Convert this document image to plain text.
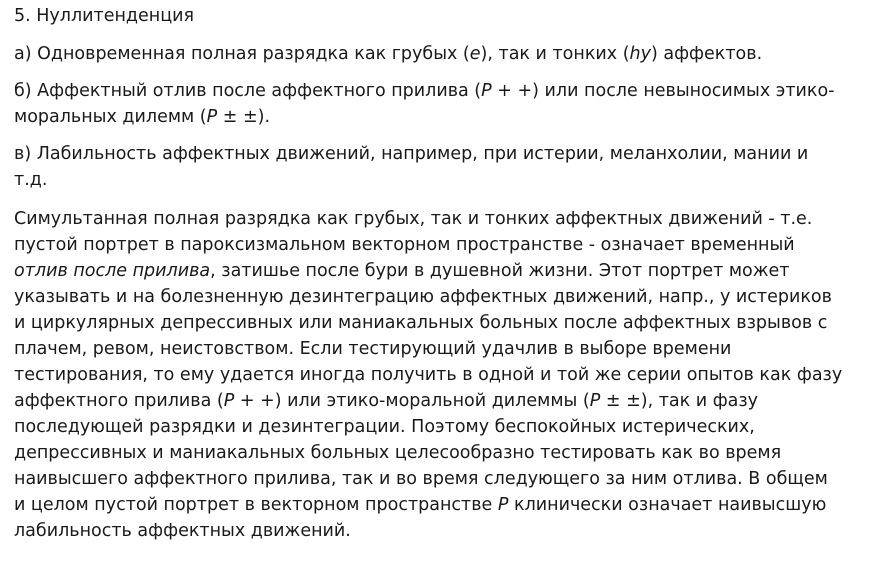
5. Нуллитенденция

а) Одновременная полная разрядка как грубых (e), так и тонких (hy) аффектов.

б) Аффектный отлив после аффектного прилива (P + +) или после невыносимых этико-моральных дилемм (P ± ±).

в) Лабильность аффектных движений, например, при истерии, меланхолии, мании и т.д.

Симультанная полная разрядка как грубых, так и тонких аффектных движений - т.е. пустой портрет в пароксизмальном векторном пространстве - означает временный отлив после прилива, затишье после бури в душевной жизни. Этот портрет может указывать и на болезненную дезинтеграцию аффектных движений, напр., у истериков и циркулярных депрессивных или маниакальных больных после аффектных взрывов с плачем, ревом, неистовством. Если тестирующий удачлив в выборе времени тестирования, то ему удается иногда получить в одной и той же серии опытов как фазу аффектного прилива (P + +) или этико-моральной дилеммы (P ± ±), так и фазу последующей разрядки и дезинтеграции. Поэтому беспокойных истерических, депрессивных и маниакальных больных целесообразно тестировать как во время наивысшего аффектного прилива, так и во время следующего за ним отлива. В общем и целом пустой портрет в векторном пространстве P клинически означает наивысшую лабильность аффектных движений.
